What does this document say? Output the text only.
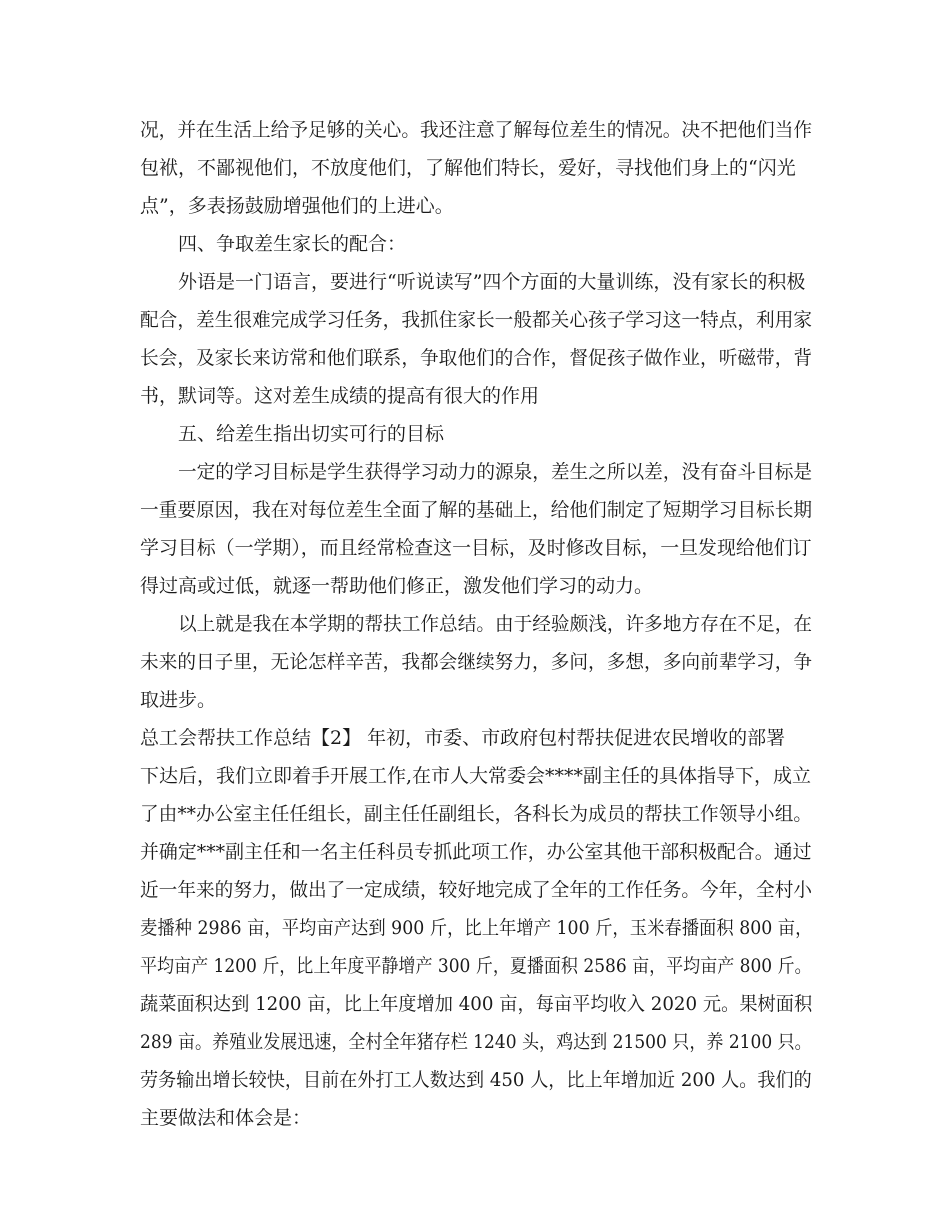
况，并在生活上给予足够的关心。我还注意了解每位差生的情况。决不把他们当作
包袱，不鄙视他们，不放度他们，了解他们特长，爱好，寻找他们身上的“闪光
点”，多表扬鼓励增强他们的上进心。
四、争取差生家长的配合：
外语是一门语言，要进行“听说读写”四个方面的大量训练，没有家长的积极
配合，差生很难完成学习任务，我抓住家长一般都关心孩子学习这一特点，利用家
长会，及家长来访常和他们联系，争取他们的合作，督促孩子做作业，听磁带，背
书，默词等。这对差生成绩的提高有很大的作用
五、给差生指出切实可行的目标
一定的学习目标是学生获得学习动力的源泉，差生之所以差，没有奋斗目标是
一重要原因，我在对每位差生全面了解的基础上，给他们制定了短期学习目标长期
学习目标（一学期），而且经常检查这一目标，及时修改目标，一旦发现给他们订
得过高或过低，就逐一帮助他们修正，激发他们学习的动力。
以上就是我在本学期的帮扶工作总结。由于经验颇浅，许多地方存在不足，在
未来的日子里，无论怎样辛苦，我都会继续努力，多问，多想，多向前辈学习，争
取进步。
总工会帮扶工作总结【2】 年初，市委、市政府包村帮扶促进农民增收的部署
下达后，我们立即着手开展工作,在市人大常委会****副主任的具体指导下，成立
了由**办公室主任任组长，副主任任副组长，各科长为成员的帮扶工作领导小组。
并确定***副主任和一名主任科员专抓此项工作，办公室其他干部积极配合。通过
近一年来的努力，做出了一定成绩，较好地完成了全年的工作任务。今年，全村小
麦播种 2986 亩，平均亩产达到 900 斤，比上年增产 100 斤，玉米春播面积 800 亩，
平均亩产 1200 斤，比上年度平静增产 300 斤，夏播面积 2586 亩，平均亩产 800 斤。
蔬菜面积达到 1200 亩，比上年度增加 400 亩，每亩平均收入 2020 元。果树面积
289 亩。养殖业发展迅速，全村全年猪存栏 1240 头，鸡达到 21500 只，养 2100 只。
劳务输出增长较快，目前在外打工人数达到 450 人，比上年增加近 200 人。我们的
主要做法和体会是：
